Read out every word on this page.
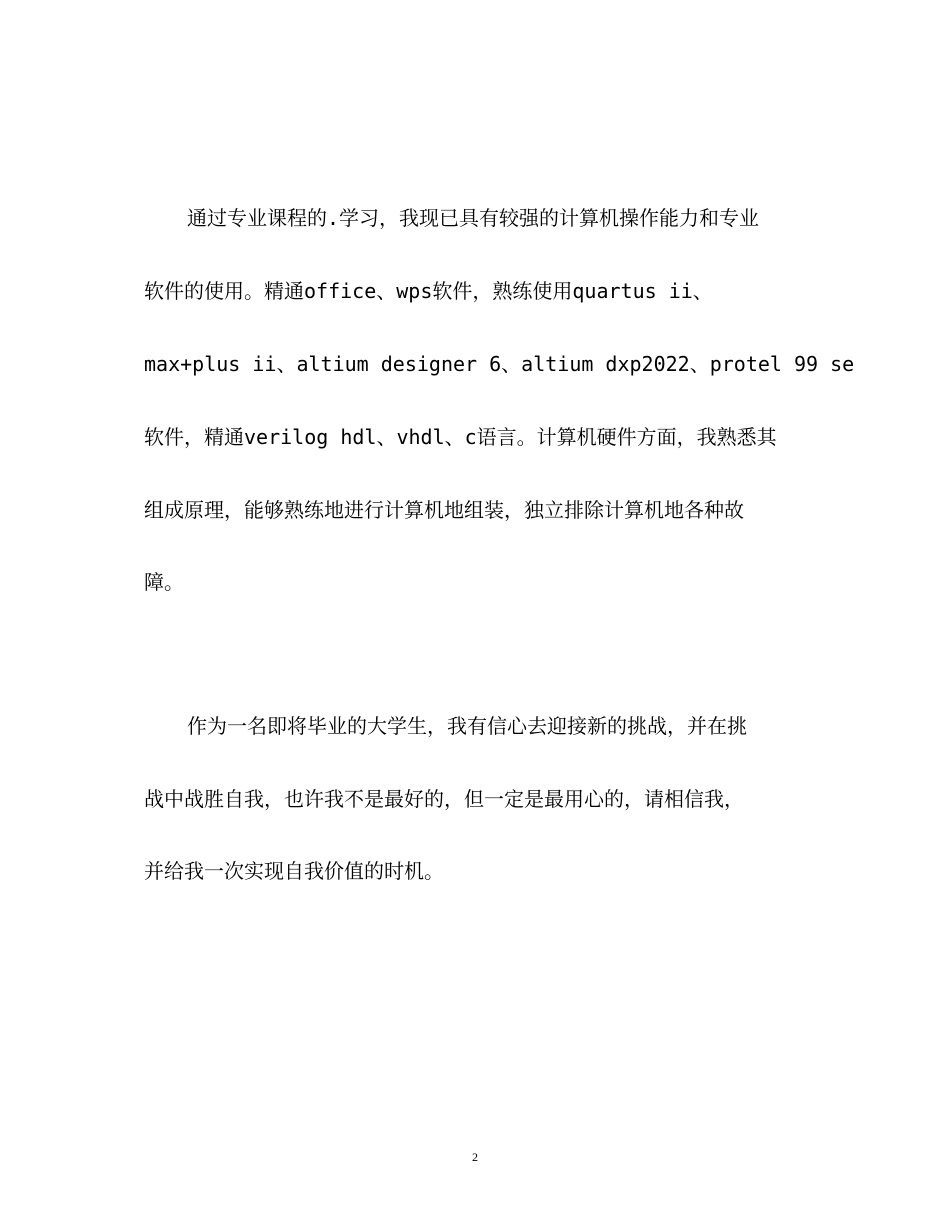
通过专业课程的.学习，我现已具有较强的计算机操作能力和专业
软件的使用。精通office、wps软件，熟练使用quartus ii、
max+plus ii、altium designer 6、altium dxp2022、protel 99 se
软件，精通verilog hdl、vhdl、c语言。计算机硬件方面，我熟悉其
组成原理，能够熟练地进行计算机地组装，独立排除计算机地各种故
障。
作为一名即将毕业的大学生，我有信心去迎接新的挑战，并在挑
战中战胜自我，也许我不是最好的，但一定是最用心的，请相信我，
并给我一次实现自我价值的时机。
2
